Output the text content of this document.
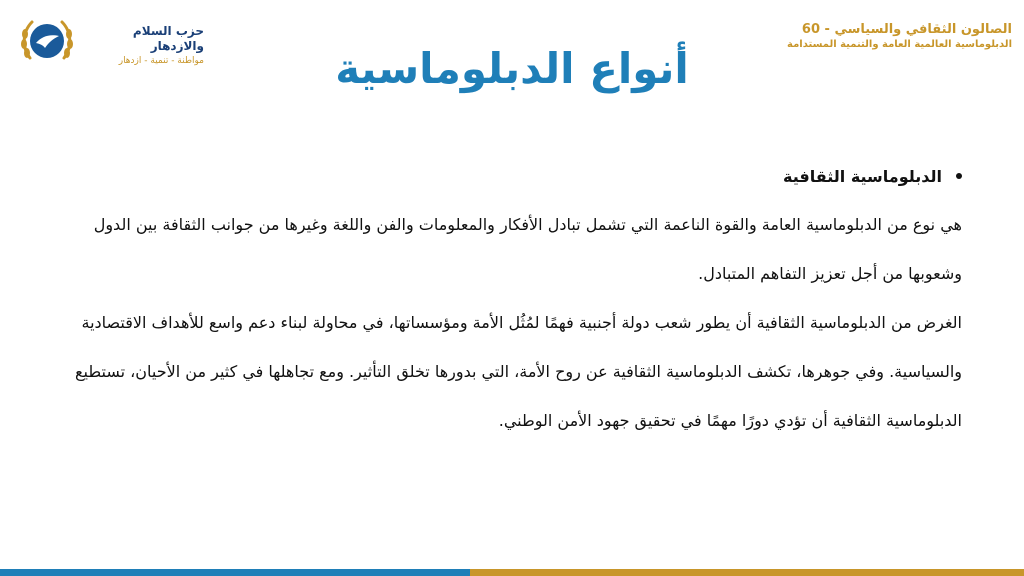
حزب السلام والازدهار
مواطنة - تنمية - ازدهار
الصالون الثقافي والسياسي - 60
الدبلوماسية العالمية العامة والتنمية المستدامة
أنواع الدبلوماسية
الدبلوماسية الثقافية
هي نوع من الدبلوماسية العامة والقوة الناعمة التي تشمل تبادل الأفكار والمعلومات والفن واللغة وغيرها من جوانب الثقافة بين الدول وشعوبها من أجل تعزيز التفاهم المتبادل.
الغرض من الدبلوماسية الثقافية أن يطور شعب دولة أجنبية فهمًا لمُثُل الأمة ومؤسساتها، في محاولة لبناء دعم واسع للأهداف الاقتصادية والسياسية. وفي جوهرها، تكشف الدبلوماسية الثقافية عن روح الأمة، التي بدورها تخلق التأثير. ومع تجاهلها في كثير من الأحيان، تستطيع الدبلوماسية الثقافية أن تؤدي دورًا مهمًا في تحقيق جهود الأمن الوطني.
